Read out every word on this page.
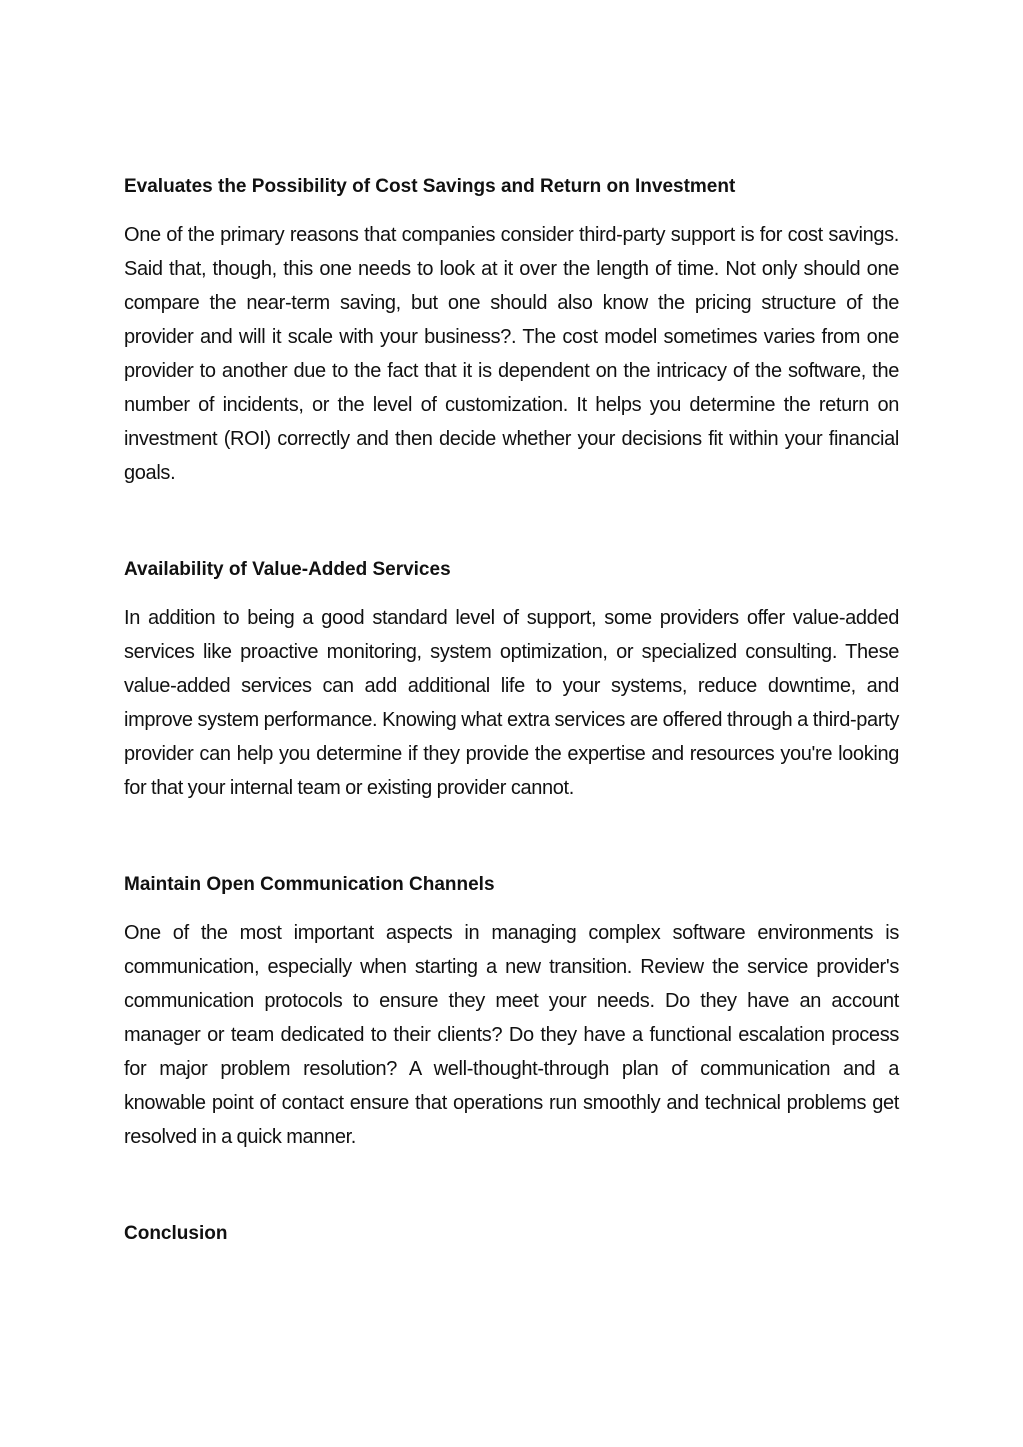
Evaluates the Possibility of Cost Savings and Return on Investment

One of the primary reasons that companies consider third-party support is for cost savings. Said that, though, this one needs to look at it over the length of time. Not only should one compare the near-term saving, but one should also know the pricing structure of the provider and will it scale with your business?. The cost model sometimes varies from one provider to another due to the fact that it is dependent on the intricacy of the software, the number of incidents, or the level of customization. It helps you determine the return on investment (ROI) correctly and then decide whether your decisions fit within your financial goals.

Availability of Value-Added Services

In addition to being a good standard level of support, some providers offer value-added services like proactive monitoring, system optimization, or specialized consulting. These value-added services can add additional life to your systems, reduce downtime, and improve system performance. Knowing what extra services are offered through a third-party provider can help you determine if they provide the expertise and resources you're looking for that your internal team or existing provider cannot.

Maintain Open Communication Channels

One of the most important aspects in managing complex software environments is communication, especially when starting a new transition. Review the service provider's communication protocols to ensure they meet your needs. Do they have an account manager or team dedicated to their clients? Do they have a functional escalation process for major problem resolution? A well-thought-through plan of communication and a knowable point of contact ensure that operations run smoothly and technical problems get resolved in a quick manner.

Conclusion
